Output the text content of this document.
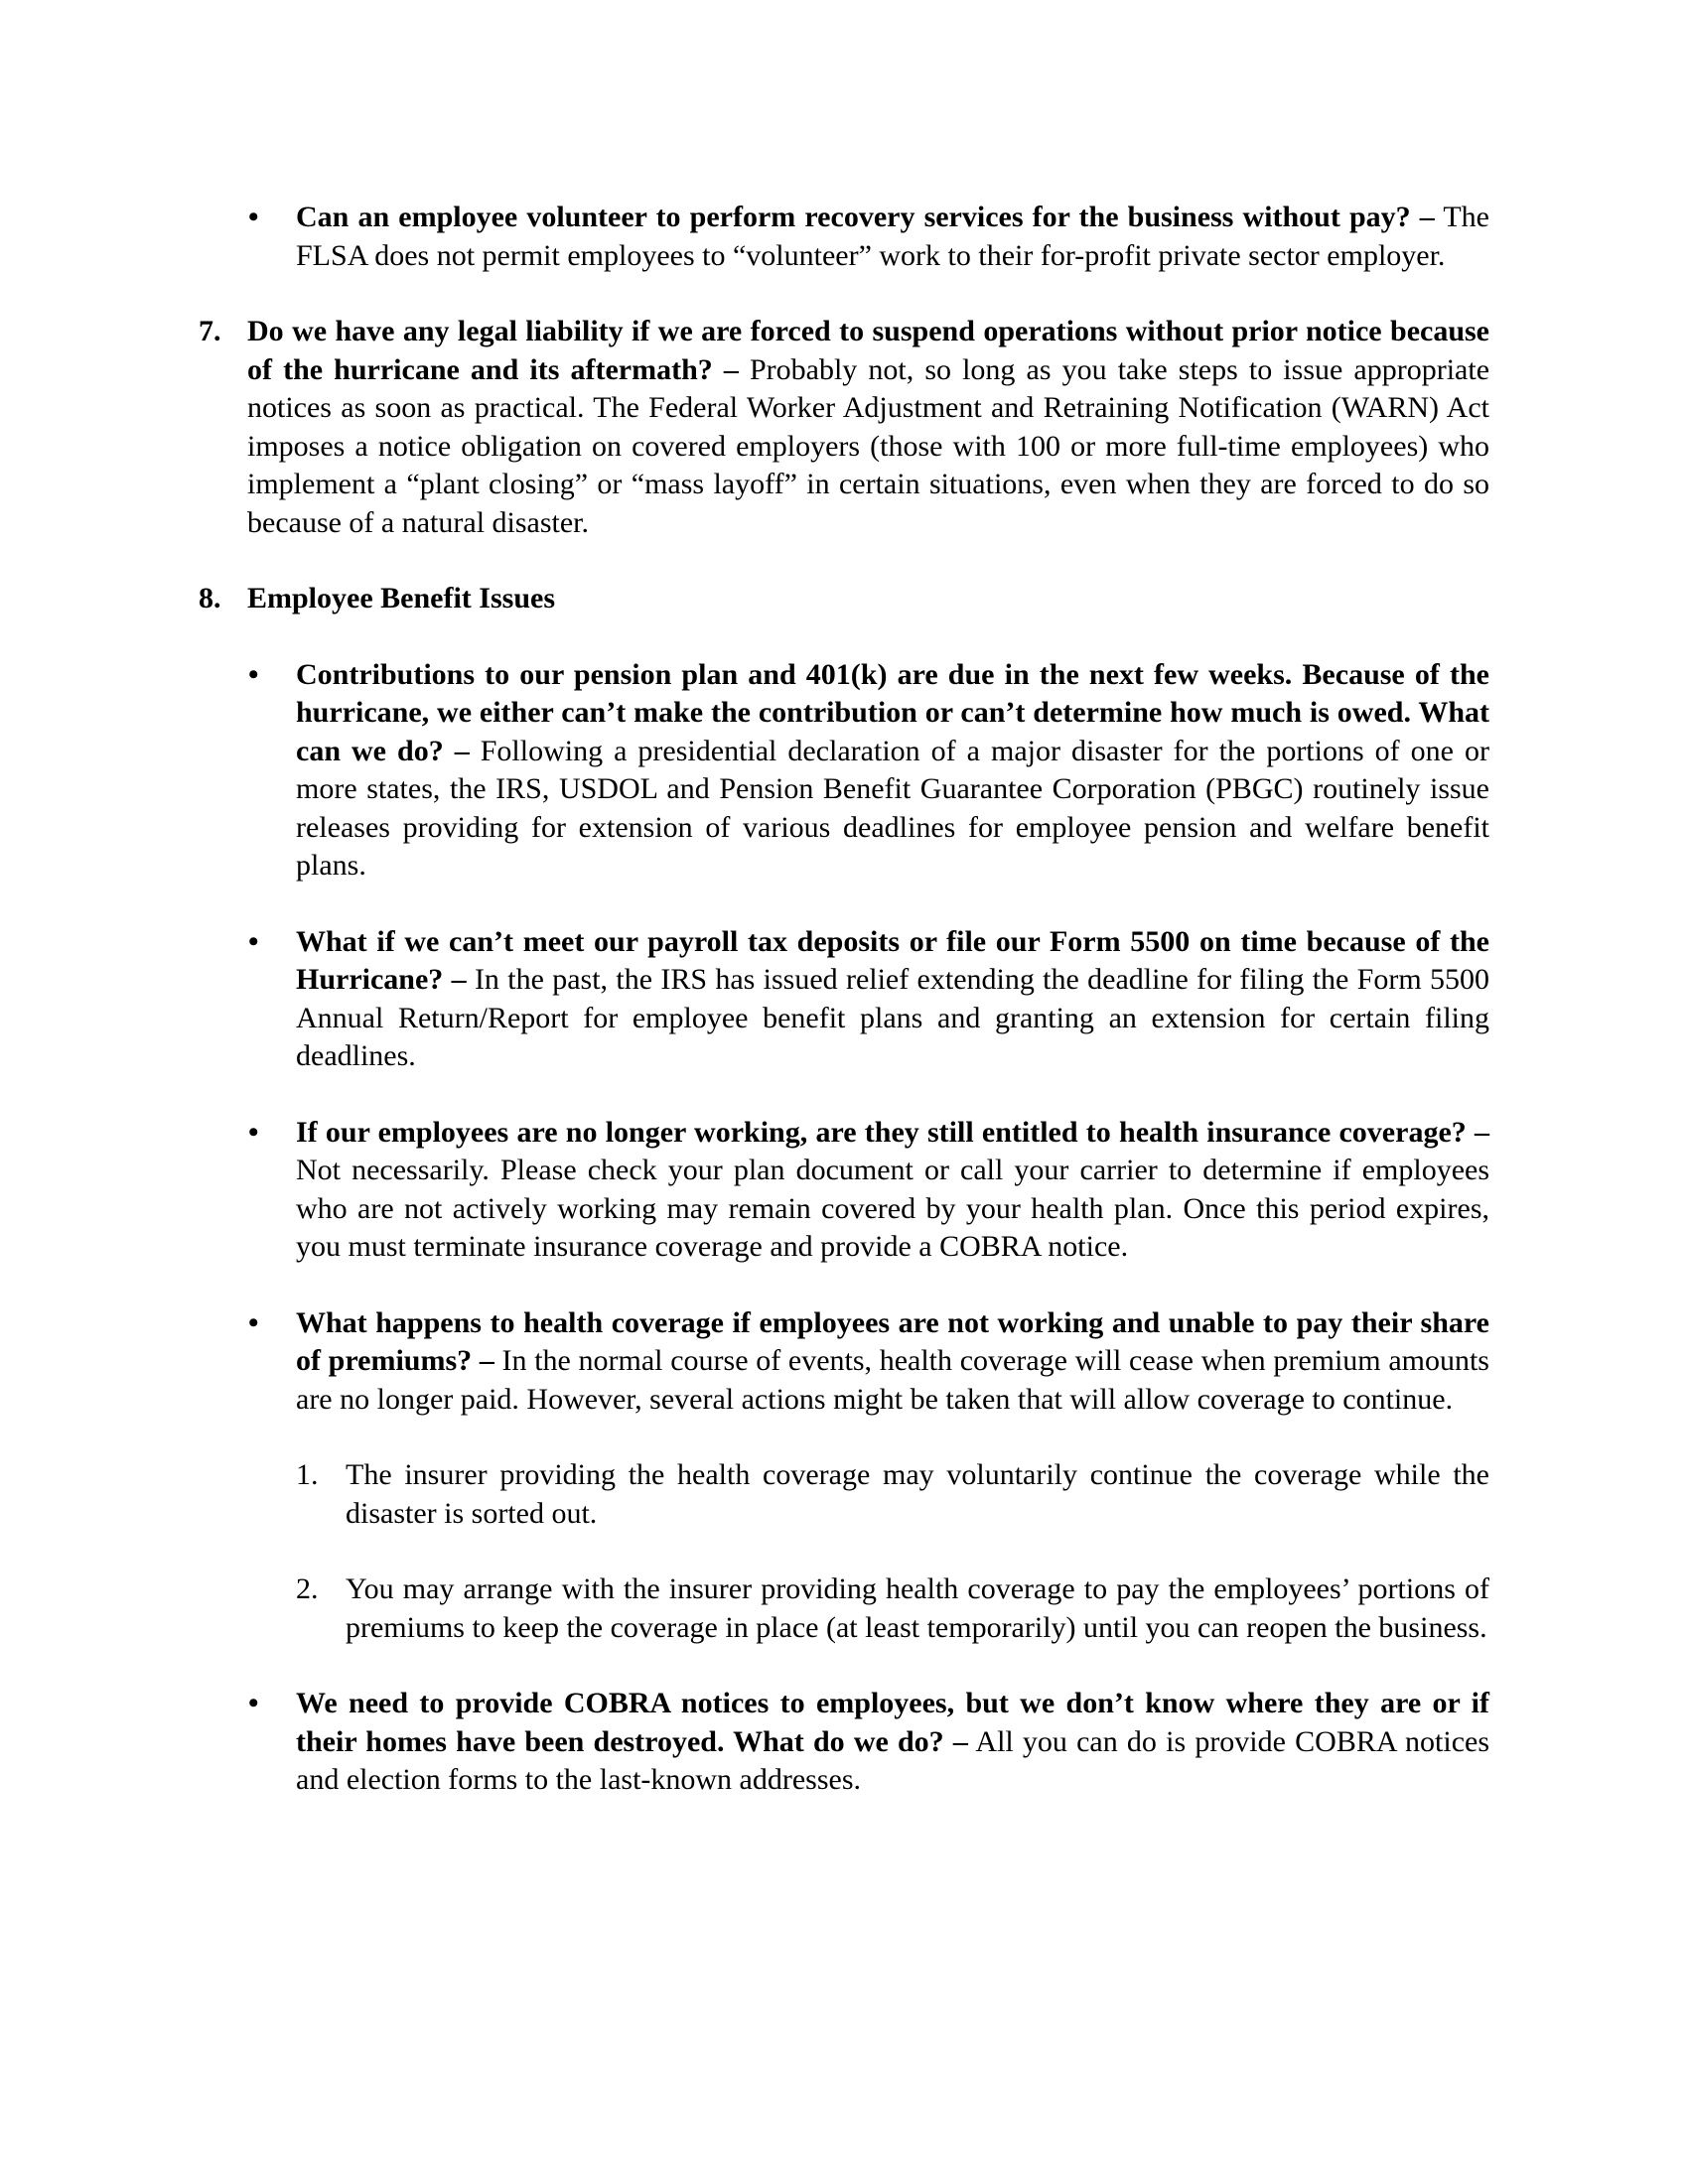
• Can an employee volunteer to perform recovery services for the business without pay? – The FLSA does not permit employees to “volunteer” work to their for-profit private sector employer.

7. Do we have any legal liability if we are forced to suspend operations without prior notice because of the hurricane and its aftermath? – Probably not, so long as you take steps to issue appropriate notices as soon as practical. The Federal Worker Adjustment and Retraining Notification (WARN) Act imposes a notice obligation on covered employers (those with 100 or more full-time employees) who implement a “plant closing” or “mass layoff” in certain situations, even when they are forced to do so because of a natural disaster.

8. Employee Benefit Issues

• Contributions to our pension plan and 401(k) are due in the next few weeks. Because of the hurricane, we either can’t make the contribution or can’t determine how much is owed. What can we do? – Following a presidential declaration of a major disaster for the portions of one or more states, the IRS, USDOL and Pension Benefit Guarantee Corporation (PBGC) routinely issue releases providing for extension of various deadlines for employee pension and welfare benefit plans.

• What if we can’t meet our payroll tax deposits or file our Form 5500 on time because of the Hurricane? – In the past, the IRS has issued relief extending the deadline for filing the Form 5500 Annual Return/Report for employee benefit plans and granting an extension for certain filing deadlines.

• If our employees are no longer working, are they still entitled to health insurance coverage? – Not necessarily. Please check your plan document or call your carrier to determine if employees who are not actively working may remain covered by your health plan. Once this period expires, you must terminate insurance coverage and provide a COBRA notice.

• What happens to health coverage if employees are not working and unable to pay their share of premiums? – In the normal course of events, health coverage will cease when premium amounts are no longer paid. However, several actions might be taken that will allow coverage to continue.

1. The insurer providing the health coverage may voluntarily continue the coverage while the disaster is sorted out.

2. You may arrange with the insurer providing health coverage to pay the employees’ portions of premiums to keep the coverage in place (at least temporarily) until you can reopen the business.

• We need to provide COBRA notices to employees, but we don’t know where they are or if their homes have been destroyed. What do we do? – All you can do is provide COBRA notices and election forms to the last-known addresses.
